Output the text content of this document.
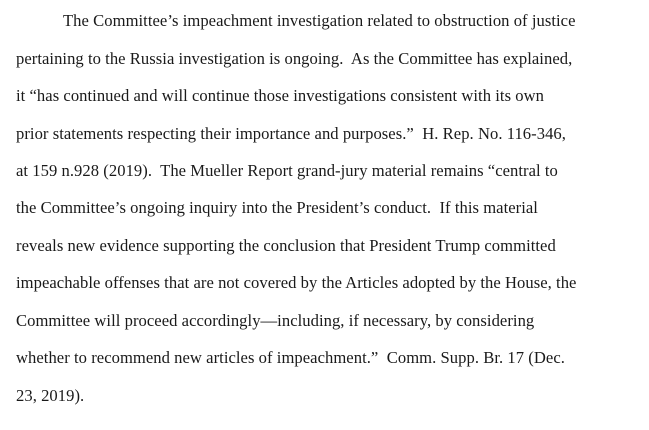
The Committee’s impeachment investigation related to obstruction of justice
pertaining to the Russia investigation is ongoing.  As the Committee has explained,
it “has continued and will continue those investigations consistent with its own
prior statements respecting their importance and purposes.”  H. Rep. No. 116-346,
at 159 n.928 (2019).  The Mueller Report grand-jury material remains “central to
the Committee’s ongoing inquiry into the President’s conduct.  If this material
reveals new evidence supporting the conclusion that President Trump committed
impeachable offenses that are not covered by the Articles adopted by the House, the
Committee will proceed accordingly—including, if necessary, by considering
whether to recommend new articles of impeachment.”  Comm. Supp. Br. 17 (Dec.
23, 2019).
